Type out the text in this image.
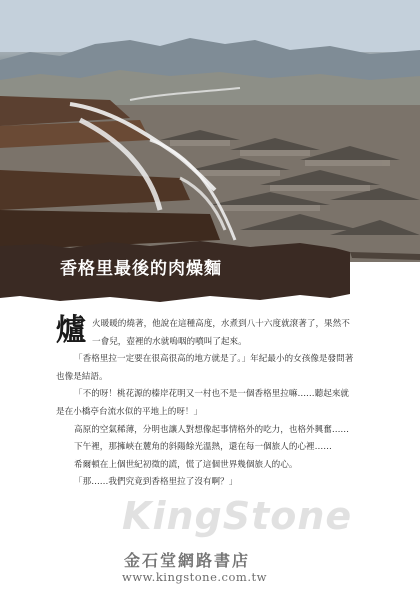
香格里最後的肉燥麵
爐 火暖暖的燒著，他說在這種高度，水煮到八十六度就滾著了，果然不一會兒，壺裡的水就嗚咽的噴叫了起來。

「香格里拉一定要在很高很高的地方就是了。」年紀最小的女孩像是發問著也像是結語。

「不的呀！桃花源的榛岸花明又一村也不是一個香格里拉嘛……聽起來就是在小橋亭台流水似的平地上的呀！」

高原的空氣稀薄，分明也讓人對想像起事情格外的吃力，也格外興奮……

下午裡，那擁峽在麓角的斜陽餘光溫熱，還在每一個旅人的心裡……

希爾頓在上個世紀初徵的謊，慌了這個世界幾個旅人的心。

「那……我們究竟到香格里拉了沒有啊？」

KingStone
金石堂網路書店
www.kingstone.com.tw
